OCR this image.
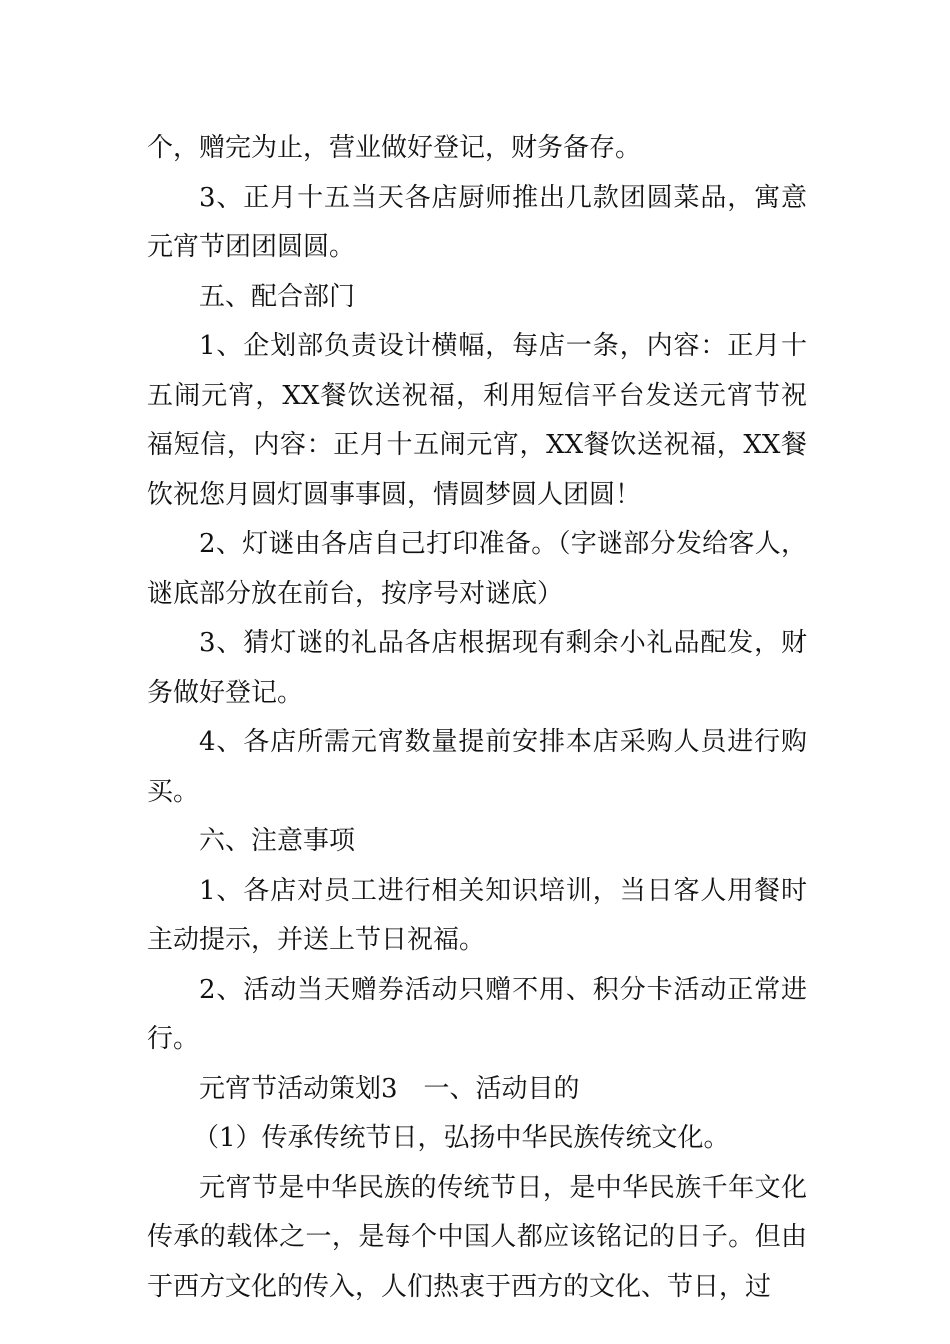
个，赠完为止，营业做好登记，财务备存。

3、正月十五当天各店厨师推出几款团圆菜品，寓意元宵节团团圆圆。

五、配合部门

1、企划部负责设计横幅，每店一条，内容：正月十五闹元宵，XX餐饮送祝福，利用短信平台发送元宵节祝福短信，内容：正月十五闹元宵，XX餐饮送祝福，XX餐饮祝您月圆灯圆事事圆，情圆梦圆人团圆！

2、灯谜由各店自己打印准备。（字谜部分发给客人，谜底部分放在前台，按序号对谜底）

3、猜灯谜的礼品各店根据现有剩余小礼品配发，财务做好登记。

4、各店所需元宵数量提前安排本店采购人员进行购买。

六、注意事项

1、各店对员工进行相关知识培训，当日客人用餐时主动提示，并送上节日祝福。

2、活动当天赠券活动只赠不用、积分卡活动正常进行。

元宵节活动策划3　一、活动目的

（1）传承传统节日，弘扬中华民族传统文化。

元宵节是中华民族的传统节日，是中华民族千年文化传承的载体之一，是每个中国人都应该铭记的日子。但由于西方文化的传入，人们热衷于西方的文化、节日，过
